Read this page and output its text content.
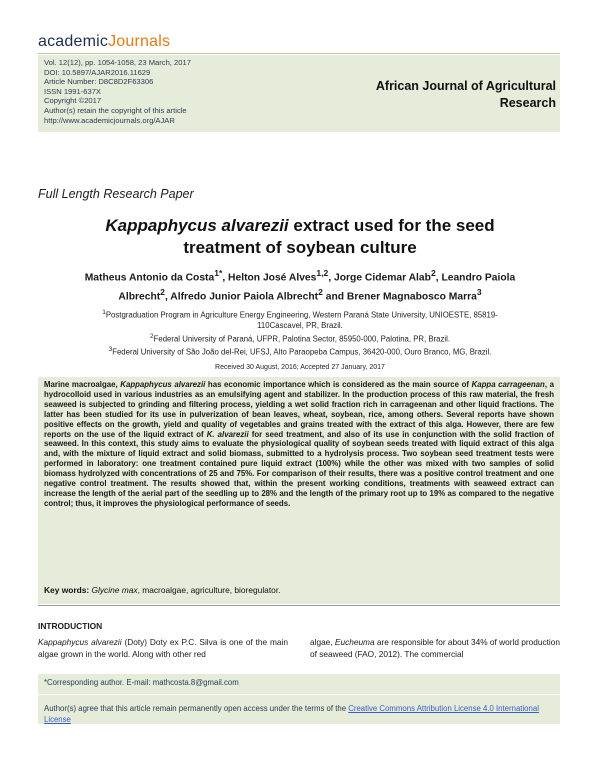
academicJournals
Vol. 12(12), pp. 1054-1058, 23 March, 2017
DOI: 10.5897/AJAR2016.11629
Article Number: D8C8D2F63306
ISSN 1991-637X
Copyright ©2017
Author(s) retain the copyright of this article
http://www.academicjournals.org/AJAR
African Journal of Agricultural
Research
Full Length Research Paper
Kappaphycus alvarezii extract used for the seed
treatment of soybean culture
Matheus Antonio da Costa$^{1*}$, Helton José Alves$^{1,2}$, Jorge Cidemar Alab$^2$, Leandro Paiola
Albrecht$^2$, Alfredo Junior Paiola Albrecht$^2$ and Brener Magnabosco Marra$^3$
$^1$Postgraduation Program in Agriculture Energy Engineering, Western Paraná State University, UNIOESTE, 85819-
110Cascavel, PR, Brazil.
$^2$Federal University of Paraná, UFPR, Palotina Sector, 85950-000, Palotina, PR, Brazil.
$^3$Federal University of São João del-Rei, UFSJ, Alto Paraopeba Campus, 36420-000, Ouro Branco, MG, Brazil.
Received 30 August, 2016; Accepted 27 January, 2017
Marine macroalgae, Kappaphycus alvarezii has economic importance which is considered as the main source of Kappa carrageenan, a hydrocolloid used in various industries as an emulsifying agent and stabilizer. In the production process of this raw material, the fresh seaweed is subjected to grinding and filtering process, yielding a wet solid fraction rich in carrageenan and other liquid fractions. The latter has been studied for its use in pulverization of bean leaves, wheat, soybean, rice, among others. Several reports have shown positive effects on the growth, yield and quality of vegetables and grains treated with the extract of this alga. However, there are few reports on the use of the liquid extract of K. alvarezii for seed treatment, and also of its use in conjunction with the solid fraction of seaweed. In this context, this study aims to evaluate the physiological quality of soybean seeds treated with liquid extract of this alga and, with the mixture of liquid extract and solid biomass, submitted to a hydrolysis process. Two soybean seed treatment tests were performed in laboratory: one treatment contained pure liquid extract (100%) while the other was mixed with two samples of solid biomass hydrolyzed with concentrations of 25 and 75%. For comparison of their results, there was a positive control treatment and one negative control treatment. The results showed that, within the present working conditions, treatments with seaweed extract can increase the length of the aerial part of the seedling up to 28% and the length of the primary root up to 19% as compared to the negative control; thus, it improves the physiological performance of seeds.
Key words: Glycine max, macroalgae, agriculture, bioregulator.
INTRODUCTION
Kappaphycus alvarezii (Doty) Doty ex P.C. Silva is one of the main algae grown in the world. Along with other red
algae, Eucheuma are responsible for about 34% of world production of seaweed (FAO, 2012). The commercial
*Corresponding author. E-mail: mathcosta.8@gmail.com
Author(s) agree that this article remain permanently open access under the terms of the Creative Commons Attribution License 4.0 International License
